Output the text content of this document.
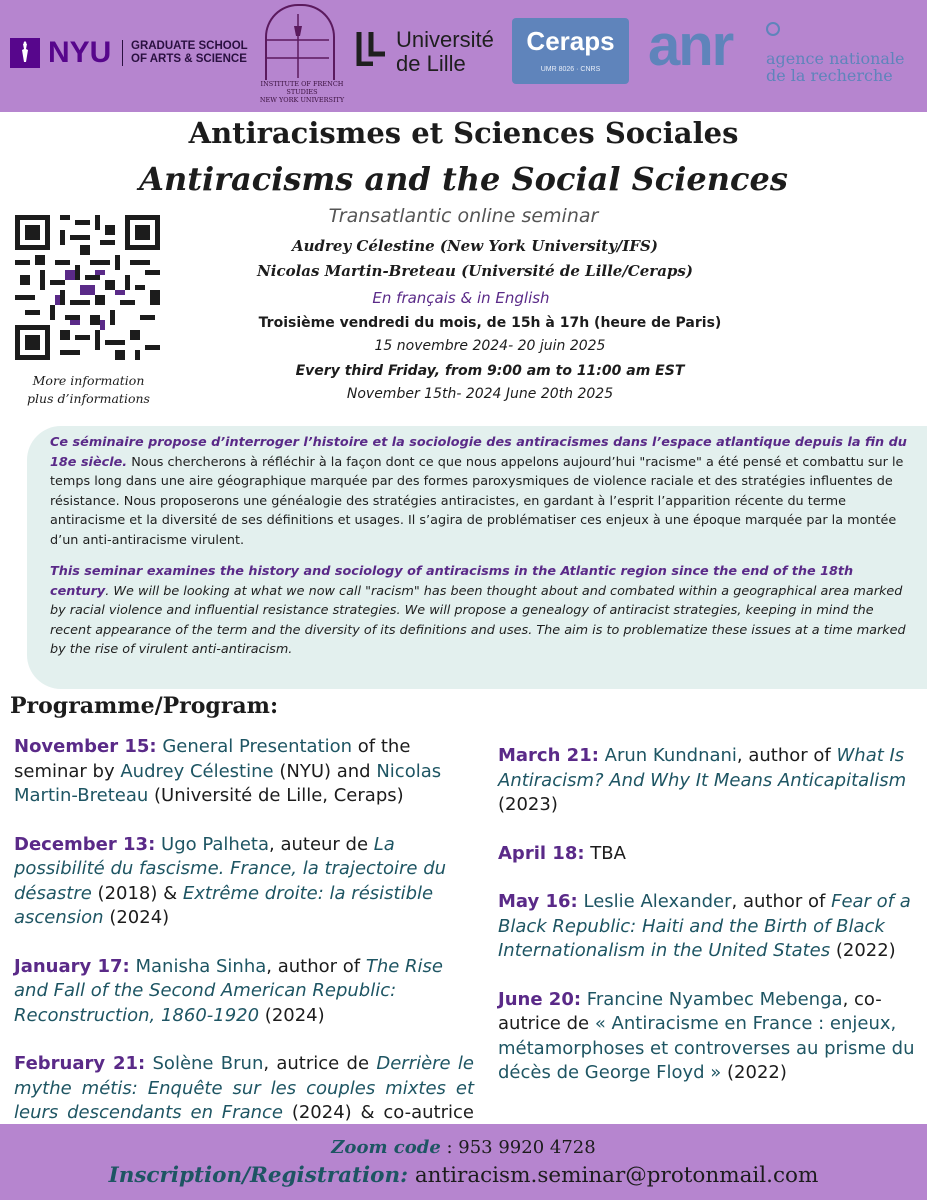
NYU GRADUATE SCHOOL
OF ARTS & SCIENCE
INSTITUTE OF FRENCH STUDIES
NEW YORK UNIVERSITY
Université
de Lille
Ceraps
UMR 8026 · CNRS anr agence nationale
de la recherche
Antiracismes et Sciences Sociales
Antiracisms and the Social Sciences
Transatlantic online seminar
Audrey Célestine (New York University/IFS)
Nicolas Martin-Breteau (Université de Lille/Ceraps)
En français & in English
Troisième vendredi du mois, de 15h à 17h (heure de Paris)
15 novembre 2024- 20 juin 2025
Every third Friday, from 9:00 am to 11:00 am EST
November 15th- 2024 June 20th 2025
More information
plus d’informations
Ce séminaire propose d’interroger l’histoire et la sociologie des antiracismes dans l’espace atlantique depuis la fin du 18e siècle. Nous chercherons à réfléchir à la façon dont ce que nous appelons aujourd’hui "racisme" a été pensé et combattu sur le temps long dans une aire géographique marquée par des formes paroxysmiques de violence raciale et des stratégies influentes de résistance. Nous proposerons une généalogie des stratégies antiracistes, en gardant à l’esprit l’apparition récente du terme antiracisme et la diversité de ses définitions et usages. Il s’agira de problématiser ces enjeux à une époque marquée par la montée d’un anti-antiracisme virulent.
This seminar examines the history and sociology of antiracisms in the Atlantic region since the end of the 18th century. We will be looking at what we now call "racism" has been thought about and combated within a geographical area marked by racial violence and influential resistance strategies. We will propose a genealogy of antiracist strategies, keeping in mind the recent appearance of the term and the diversity of its definitions and uses. The aim is to problematize these issues at a time marked by the rise of virulent anti-antiracism.
Programme/Program:
November 15: General Presentation of the seminar by Audrey Célestine (NYU) and Nicolas Martin-Breteau (Université de Lille, Ceraps)
December 13: Ugo Palheta, auteur de La possibilité du fascisme. France, la trajectoire du désastre (2018) & Extrême droite: la résistible ascension (2024)
January 17: Manisha Sinha, author of The Rise and Fall of the Second American Republic: Reconstruction, 1860-1920 (2024)
February 21: Solène Brun, autrice de Derrière le mythe métis: Enquête sur les couples mixtes et leurs descendants en France (2024) & co-autrice
March 21: Arun Kundnani, author of What Is Antiracism? And Why It Means Anticapitalism (2023)
April 18: TBA
May 16: Leslie Alexander, author of Fear of a Black Republic: Haiti and the Birth of Black Internationalism in the United States (2022)
June 20: Francine Nyambec Mebenga, co-autrice de « Antiracisme en France : enjeux, métamorphoses et controverses au prisme du décès de George Floyd » (2022)
Zoom code : 953 9920 4728
Inscription/Registration: antiracism.seminar@protonmail.com
